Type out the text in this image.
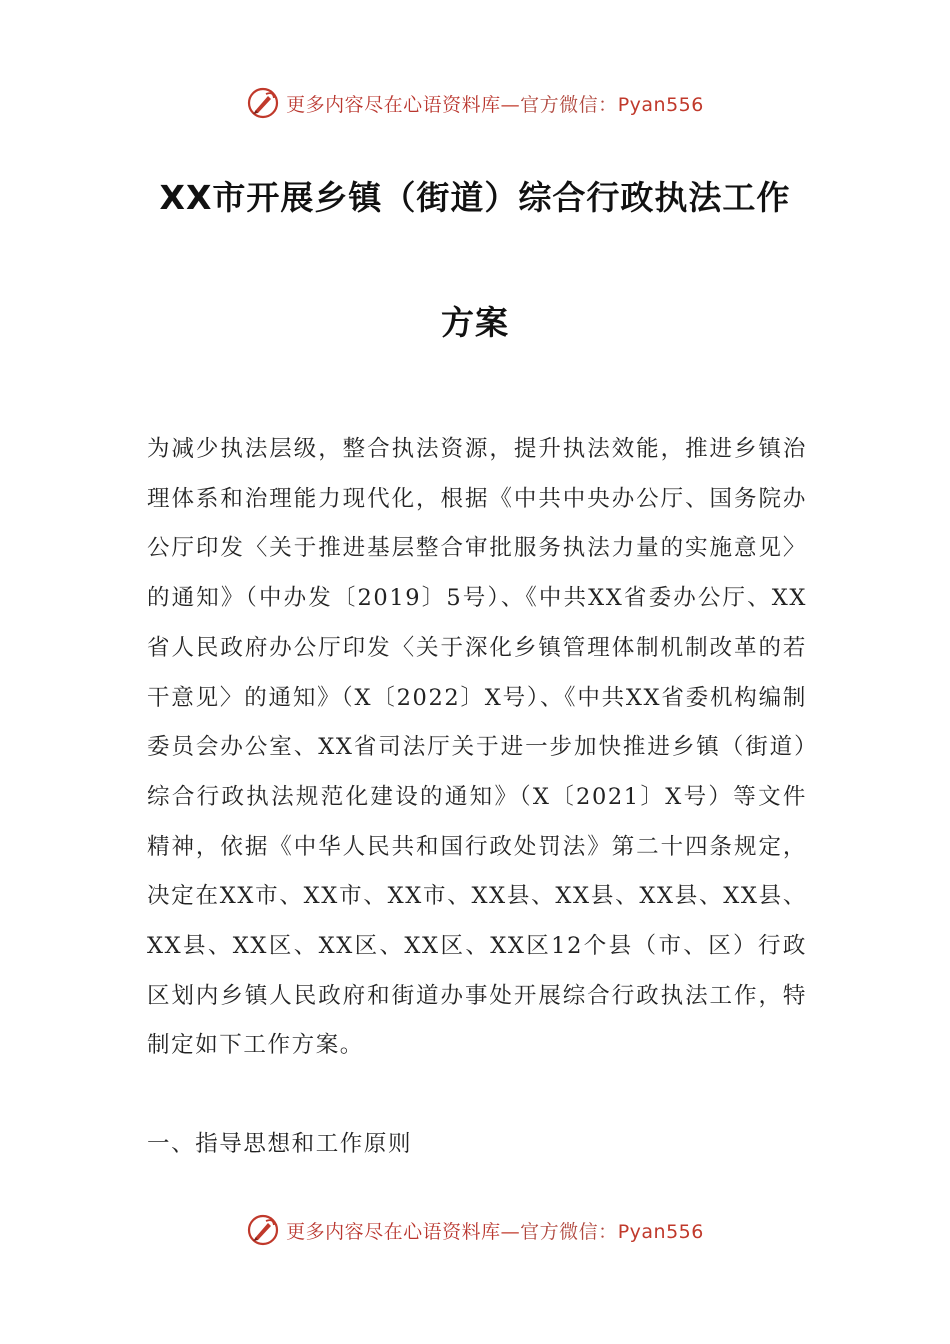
更多内容尽在心语资料库—官方微信：Pyan556
XX市开展乡镇（街道）综合行政执法工作
方案
为减少执法层级，整合执法资源，提升执法效能，推进乡镇治理体系和治理能力现代化，根据《中共中央办公厅、国务院办公厅印发〈关于推进基层整合审批服务执法力量的实施意见〉的通知》（中办发〔2019〕5号）、《中共XX省委办公厅、XX省人民政府办公厅印发〈关于深化乡镇管理体制机制改革的若干意见〉的通知》（X〔2022〕X号）、《中共XX省委机构编制委员会办公室、XX省司法厅关于进一步加快推进乡镇（街道）综合行政执法规范化建设的通知》（X〔2021〕X号）等文件精神，依据《中华人民共和国行政处罚法》第二十四条规定，决定在XX市、XX市、XX市、XX县、XX县、XX县、XX县、XX县、XX区、XX区、XX区、XX区12个县（市、区）行政区划内乡镇人民政府和街道办事处开展综合行政执法工作，特制定如下工作方案。
一、指导思想和工作原则
更多内容尽在心语资料库—官方微信：Pyan556
